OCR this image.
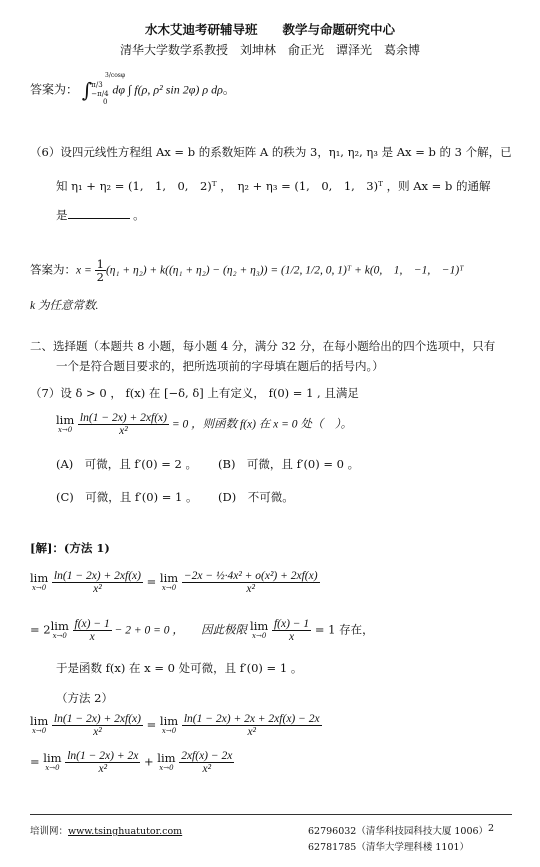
水木艾迪考研辅导班　　教学与命题研究中心
清华大学数学系教授　刘坤林　俞正光　谭泽光　葛余博
答案为： ∫ π/3
−π/4 dφ ∫ f(ρ, ρ² sin 2φ) ρ dρ。
3/cosφ
0
（6）设四元线性方程组 Ax = b 的系数矩阵 A 的秩为 3，η₁, η₂, η₃ 是 Ax = b 的 3 个解，已
知 η₁ + η₂ = (1,　1,　0,　2)ᵀ ，　η₂ + η₃ = (1,　0,　1,　3)ᵀ ，则 Ax = b 的通解
是	。
答案为：$x = \frac{1}{2} (\eta_1 + \eta_2) + k((\eta_1 + \eta_2) - (\eta_2 + \eta_3)) = (1/2$, 1/2, 0, 1)ᵀ + k(0,　1,　−1,　−1)ᵀ
k 为任意常数.
二、选择题（本题共 8 小题，每小题 4 分，满分 32 分，在每小题给出的四个选项中，只有
一个是符合题目要求的，把所选项前的字母填在题后的括号内。）
（7）设 δ > 0 ， f(x) 在 [−δ, δ] 上有定义， f(0) = 1 , 且满足
lim
x→0
$\frac{\ln(1 - 2x) + 2xf(x)}{\text{x²}} = 0$ ，则函数 f(x) 在 x = 0 处（　）。
(A)　可微，且 f′(0) = 2 。 (B)　可微，且 f′(0) = 0 。
(C)　可微，且 f′(0) = 1 。 (D)　不可微。
[解]：(方法 1)
lim
x→0
$\frac{\ln(1 - 2x) + 2xf(x)}{\text{x²}} = \lim$
x→0
$\frac{\text{−2x − ½·4x² + o(x²) + 2xf(x)}}{\text{x²}}$
= 2 lim
x→0
$\frac{f(x) - 1}{x} - 2 + 0 = 0$ ，　　因此极限 lim
x→0
$\frac{f(x) - 1}{x} = 1$ 存在，
于是函数 f(x) 在 x = 0 处可微，且 f′(0) = 1 。
（方法 2）
lim
x→0
$\frac{\ln(1 - 2x) + 2xf(x)}{\text{x²}} = \lim$
x→0
$\frac{\ln(1 - 2x) + 2x + 2xf(x) - 2x}{\text{x²}}$
= lim
x→0
$\frac{\ln(1 - 2x) + 2x}{\text{x²}} + \lim$
x→0
$\frac{2xf(x) - 2x}{\text{x²}}$
培训网：www.tsinghuatutor.com	62796032（清华科技园科技大厦 1006）
62781785（清华大学理科楼 1101）
2
